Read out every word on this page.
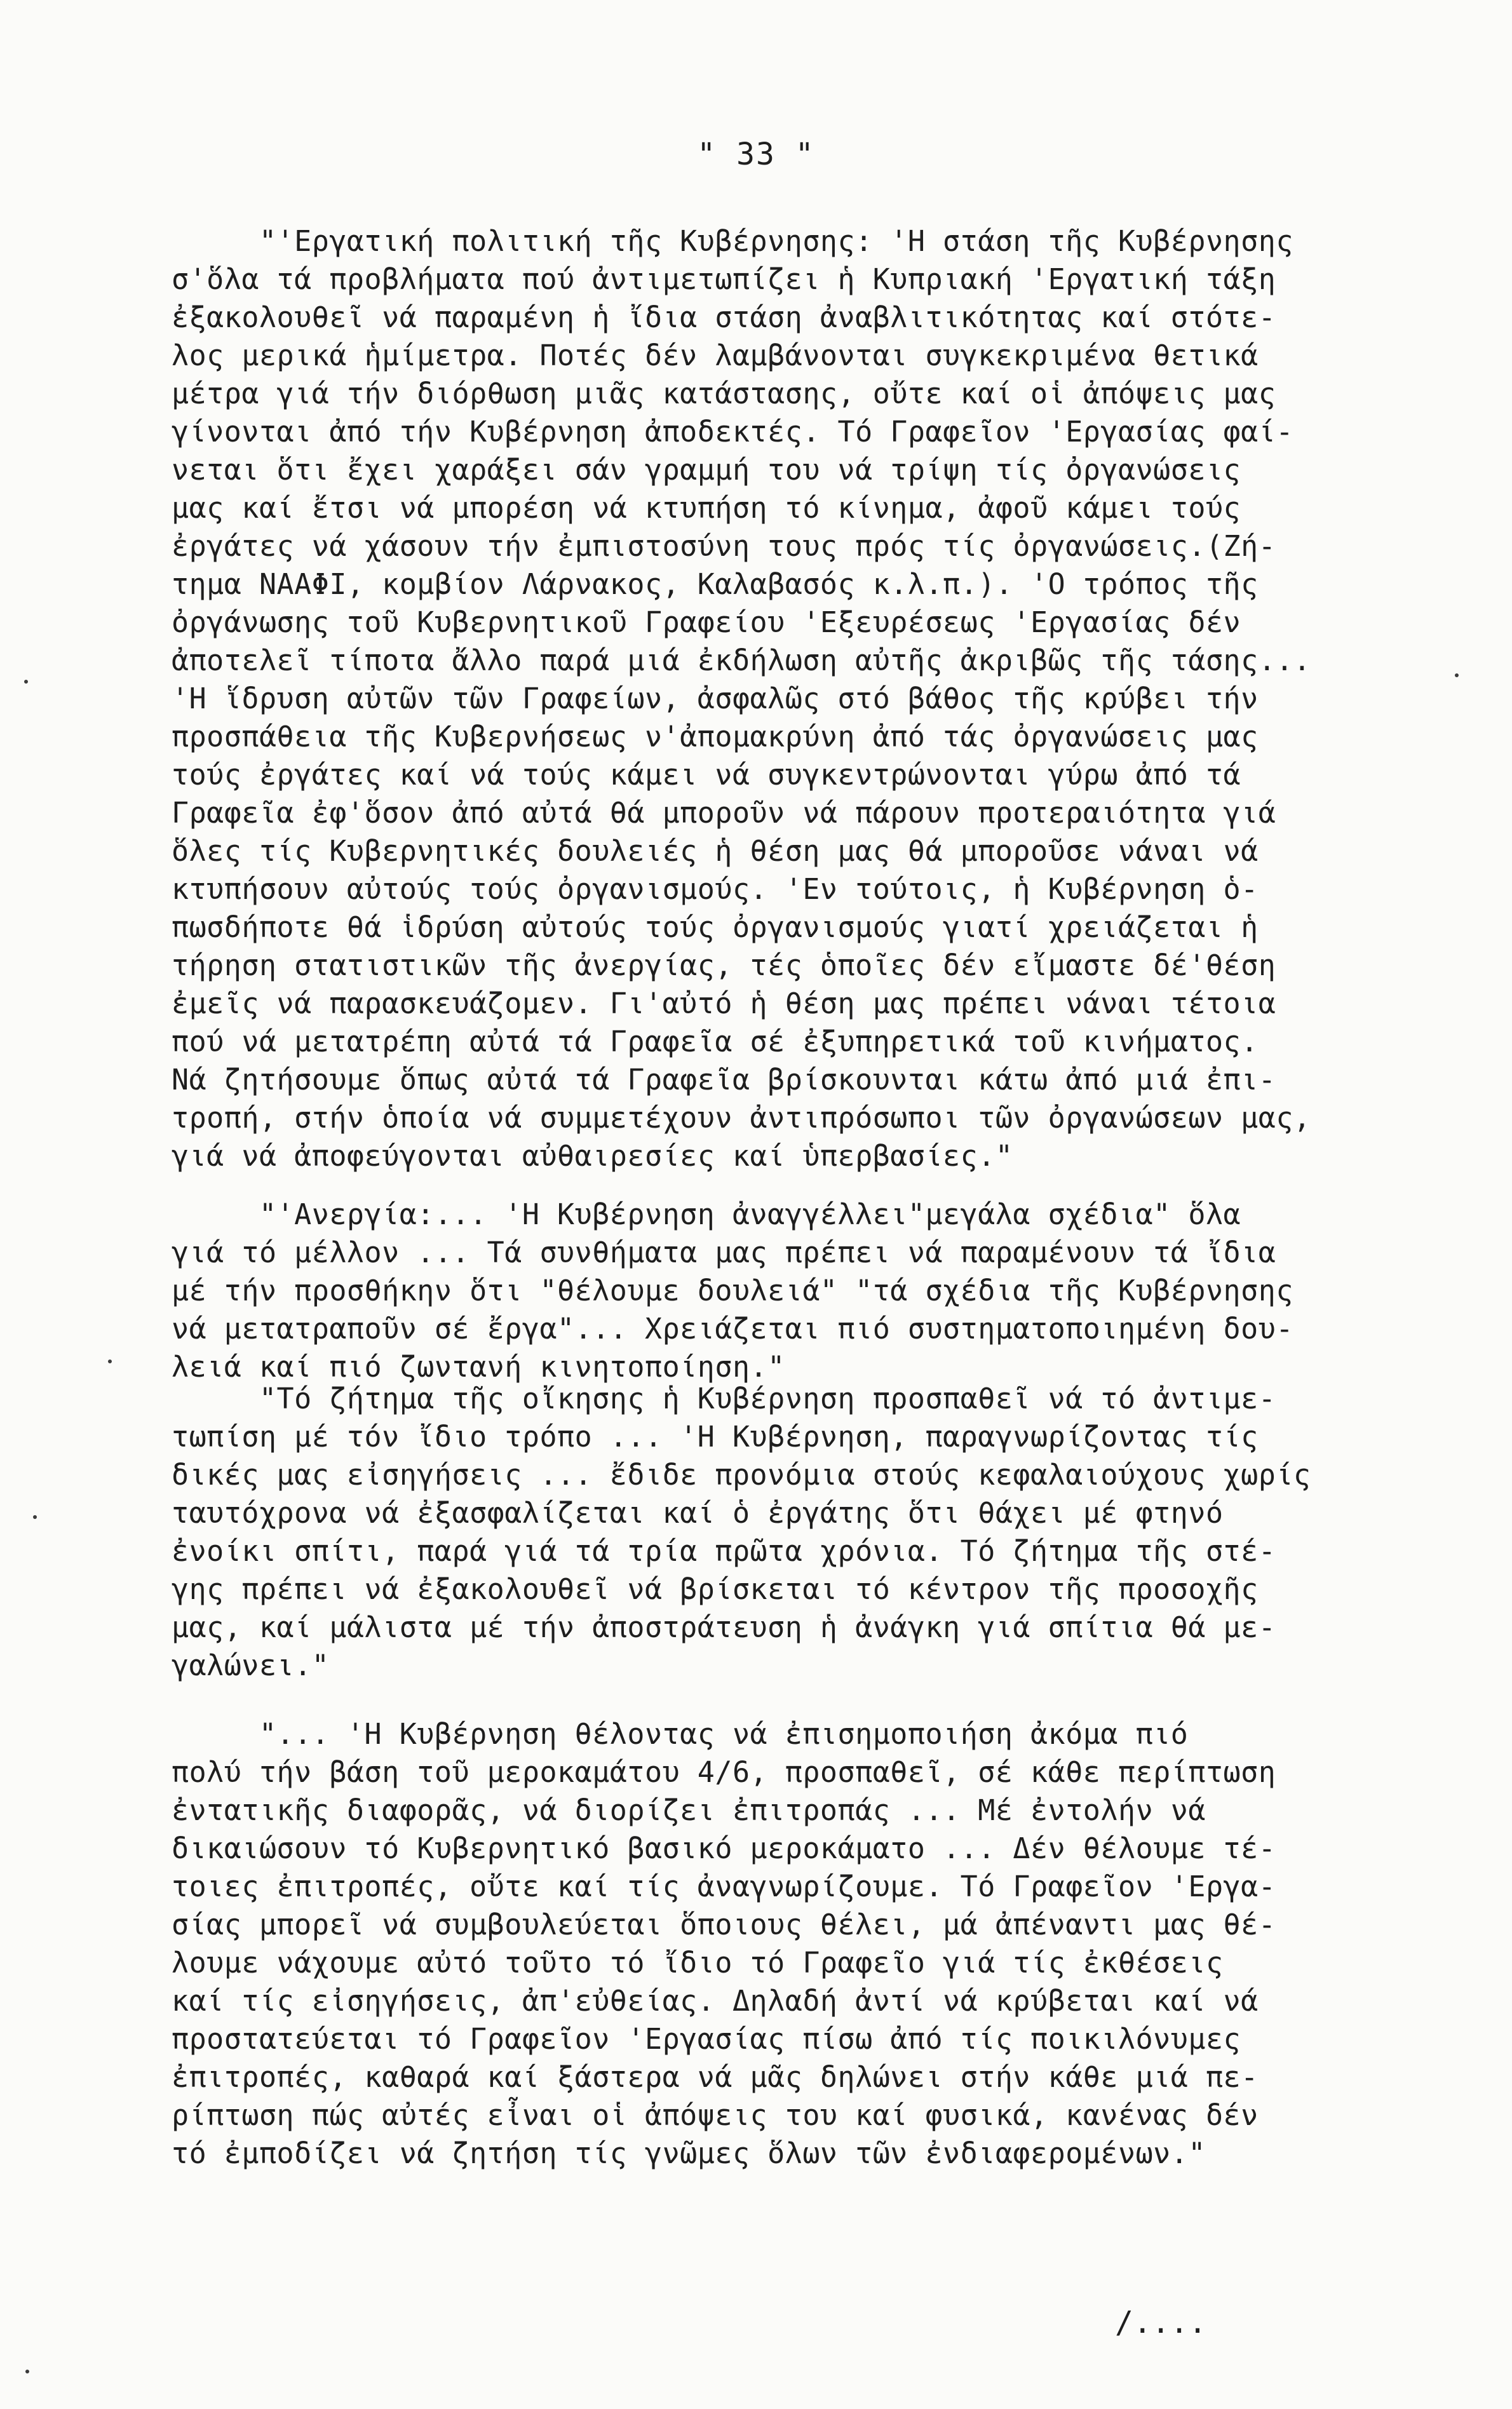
" 33 "
"'Εργατική πολιτική τῆς Κυβέρνησης: 'Η στάση τῆς Κυβέρνησης
σ'ὅλα τά προβλήματα πού ἀντιμετωπίζει ἡ Κυπριακή 'Εργατική τάξη
ἐξακολουθεῖ νά παραμένη ἡ ἴδια στάση ἀναβλιτικότητας καί στότε-
λος μερικά ἡμίμετρα. Ποτές δέν λαμβάνονται συγκεκριμένα θετικά
μέτρα γιά τήν διόρθωση μιᾶς κατάστασης, οὔτε καί οἱ ἀπόψεις μας
γίνονται ἀπό τήν Κυβέρνηση ἀποδεκτές. Τό Γραφεῖον 'Εργασίας φαί-
νεται ὅτι ἔχει χαράξει σάν γραμμή του νά τρίψη τίς ὀργανώσεις
μας καί ἔτσι νά μπορέση νά κτυπήση τό κίνημα, ἀφοῦ κάμει τούς
ἐργάτες νά χάσουν τήν ἐμπιστοσύνη τους πρός τίς ὀργανώσεις.(Ζή-
τημα ΝΑΑΦΙ, κομβίον Λάρνακος, Καλαβασός κ.λ.π.). 'Ο τρόπος τῆς
ὀργάνωσης τοῦ Κυβερνητικοῦ Γραφείου 'Εξευρέσεως 'Εργασίας δέν
ἀποτελεῖ τίποτα ἄλλο παρά μιά ἐκδήλωση αὐτῆς ἀκριβῶς τῆς τάσης...
'Η ἵδρυση αὐτῶν τῶν Γραφείων, ἀσφαλῶς στό βάθος τῆς κρύβει τήν
προσπάθεια τῆς Κυβερνήσεως ν'ἀπομακρύνη ἀπό τάς ὀργανώσεις μας
τούς ἐργάτες καί νά τούς κάμει νά συγκεντρώνονται γύρω ἀπό τά
Γραφεῖα ἐφ'ὅσον ἀπό αὐτά θά μποροῦν νά πάρουν προτεραιότητα γιά
ὅλες τίς Κυβερνητικές δουλειές ἡ θέση μας θά μποροῦσε νάναι νά
κτυπήσουν αὐτούς τούς ὀργανισμούς. 'Εν τούτοις, ἡ Κυβέρνηση ὁ-
πωσδήποτε θά ἱδρύση αὐτούς τούς ὀργανισμούς γιατί χρειάζεται ἡ
τήρηση στατιστικῶν τῆς ἀνεργίας, τές ὁποῖες δέν εἴμαστε δέ'θέση
ἐμεῖς νά παρασκευάζομεν. Γι'αὐτό ἡ θέση μας πρέπει νάναι τέτοια
πού νά μετατρέπη αὐτά τά Γραφεῖα σέ ἐξυπηρετικά τοῦ κινήματος.
Νά ζητήσουμε ὅπως αὐτά τά Γραφεῖα βρίσκουνται κάτω ἀπό μιά ἐπι-
τροπή, στήν ὁποία νά συμμετέχουν ἀντιπρόσωποι τῶν ὀργανώσεων μας,
γιά νά ἀποφεύγονται αὐθαιρεσίες καί ὑπερβασίες."
"'Ανεργία:... 'Η Κυβέρνηση ἀναγγέλλει"μεγάλα σχέδια" ὅλα
γιά τό μέλλον ... Τά συνθήματα μας πρέπει νά παραμένουν τά ἴδια
μέ τήν προσθήκην ὅτι "θέλουμε δουλειά" "τά σχέδια τῆς Κυβέρνησης
νά μετατραποῦν σέ ἔργα"... Χρειάζεται πιό συστηματοποιημένη δου-
λειά καί πιό ζωντανή κινητοποίηση."
"Τό ζήτημα τῆς οἴκησης ἡ Κυβέρνηση προσπαθεῖ νά τό ἀντιμε-
τωπίση μέ τόν ἴδιο τρόπο ... 'Η Κυβέρνηση, παραγνωρίζοντας τίς
δικές μας εἰσηγήσεις ... ἔδιδε προνόμια στούς κεφαλαιούχους χωρίς
ταυτόχρονα νά ἐξασφαλίζεται καί ὁ ἐργάτης ὅτι θάχει μέ φτηνό
ἐνοίκι σπίτι, παρά γιά τά τρία πρῶτα χρόνια. Τό ζήτημα τῆς στέ-
γης πρέπει νά ἐξακολουθεῖ νά βρίσκεται τό κέντρον τῆς προσοχῆς
μας, καί μάλιστα μέ τήν ἀποστράτευση ἡ ἀνάγκη γιά σπίτια θά με-
γαλώνει."
"... 'Η Κυβέρνηση θέλοντας νά ἐπισημοποιήση ἀκόμα πιό
πολύ τήν βάση τοῦ μεροκαμάτου 4/6, προσπαθεῖ, σέ κάθε περίπτωση
ἐντατικῆς διαφορᾶς, νά διορίζει ἐπιτροπάς ... Μέ ἐντολήν νά
δικαιώσουν τό Κυβερνητικό βασικό μεροκάματο ... Δέν θέλουμε τέ-
τοιες ἐπιτροπές, οὔτε καί τίς ἀναγνωρίζουμε. Τό Γραφεῖον 'Εργα-
σίας μπορεῖ νά συμβουλεύεται ὅποιους θέλει, μά ἀπέναντι μας θέ-
λουμε νάχουμε αὐτό τοῦτο τό ἴδιο τό Γραφεῖο γιά τίς ἐκθέσεις
καί τίς εἰσηγήσεις, ἀπ'εὐθείας. Δηλαδή ἀντί νά κρύβεται καί νά
προστατεύεται τό Γραφεῖον 'Εργασίας πίσω ἀπό τίς ποικιλόνυμες
ἐπιτροπές, καθαρά καί ξάστερα νά μᾶς δηλώνει στήν κάθε μιά πε-
ρίπτωση πώς αὐτές εἶναι οἱ ἀπόψεις του καί φυσικά, κανένας δέν
τό ἐμποδίζει νά ζητήση τίς γνῶμες ὅλων τῶν ἐνδιαφερομένων."
/....
